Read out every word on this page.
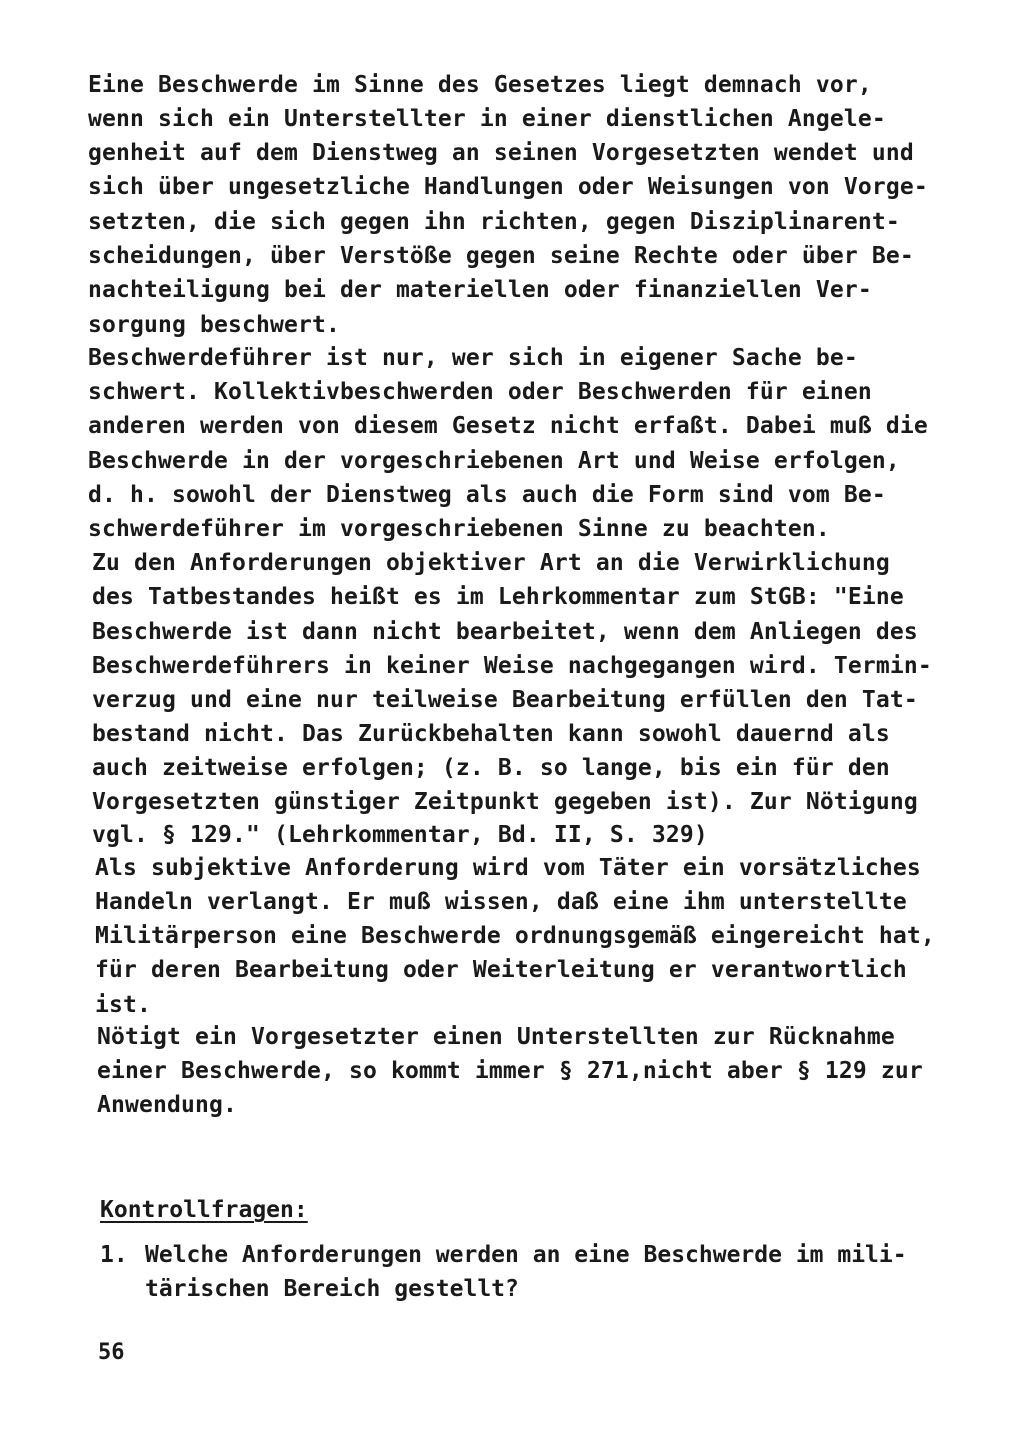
Eine Beschwerde im Sinne des Gesetzes liegt demnach vor,
wenn sich ein Unterstellter in einer dienstlichen Angele-
genheit auf dem Dienstweg an seinen Vorgesetzten wendet und
sich über ungesetzliche Handlungen oder Weisungen von Vorge-
setzten, die sich gegen ihn richten, gegen Disziplinarent-
scheidungen, über Verstöße gegen seine Rechte oder über Be-
nachteiligung bei der materiellen oder finanziellen Ver-
sorgung beschwert.
Beschwerdeführer ist nur, wer sich in eigener Sache be-
schwert. Kollektivbeschwerden oder Beschwerden für einen
anderen werden von diesem Gesetz nicht erfaßt. Dabei muß die
Beschwerde in der vorgeschriebenen Art und Weise erfolgen,
d. h. sowohl der Dienstweg als auch die Form sind vom Be-
schwerdeführer im vorgeschriebenen Sinne zu beachten.
Zu den Anforderungen objektiver Art an die Verwirklichung
des Tatbestandes heißt es im Lehrkommentar zum StGB: "Eine
Beschwerde ist dann nicht bearbeitet, wenn dem Anliegen des
Beschwerdeführers in keiner Weise nachgegangen wird. Termin-
verzug und eine nur teilweise Bearbeitung erfüllen den Tat-
bestand nicht. Das Zurückbehalten kann sowohl dauernd als
auch zeitweise erfolgen; (z. B. so lange, bis ein für den
Vorgesetzten günstiger Zeitpunkt gegeben ist). Zur Nötigung
vgl. § 129." (Lehrkommentar, Bd. II, S. 329)
Als subjektive Anforderung wird vom Täter ein vorsätzliches
Handeln verlangt. Er muß wissen, daß eine ihm unterstellte
Militärperson eine Beschwerde ordnungsgemäß eingereicht hat,
für deren Bearbeitung oder Weiterleitung er verantwortlich
ist.
Nötigt ein Vorgesetzter einen Unterstellten zur Rücknahme
einer Beschwerde, so kommt immer § 271,nicht aber § 129 zur
Anwendung.
Kontrollfragen:
1. Welche Anforderungen werden an eine Beschwerde im mili-
tärischen Bereich gestellt?
56
